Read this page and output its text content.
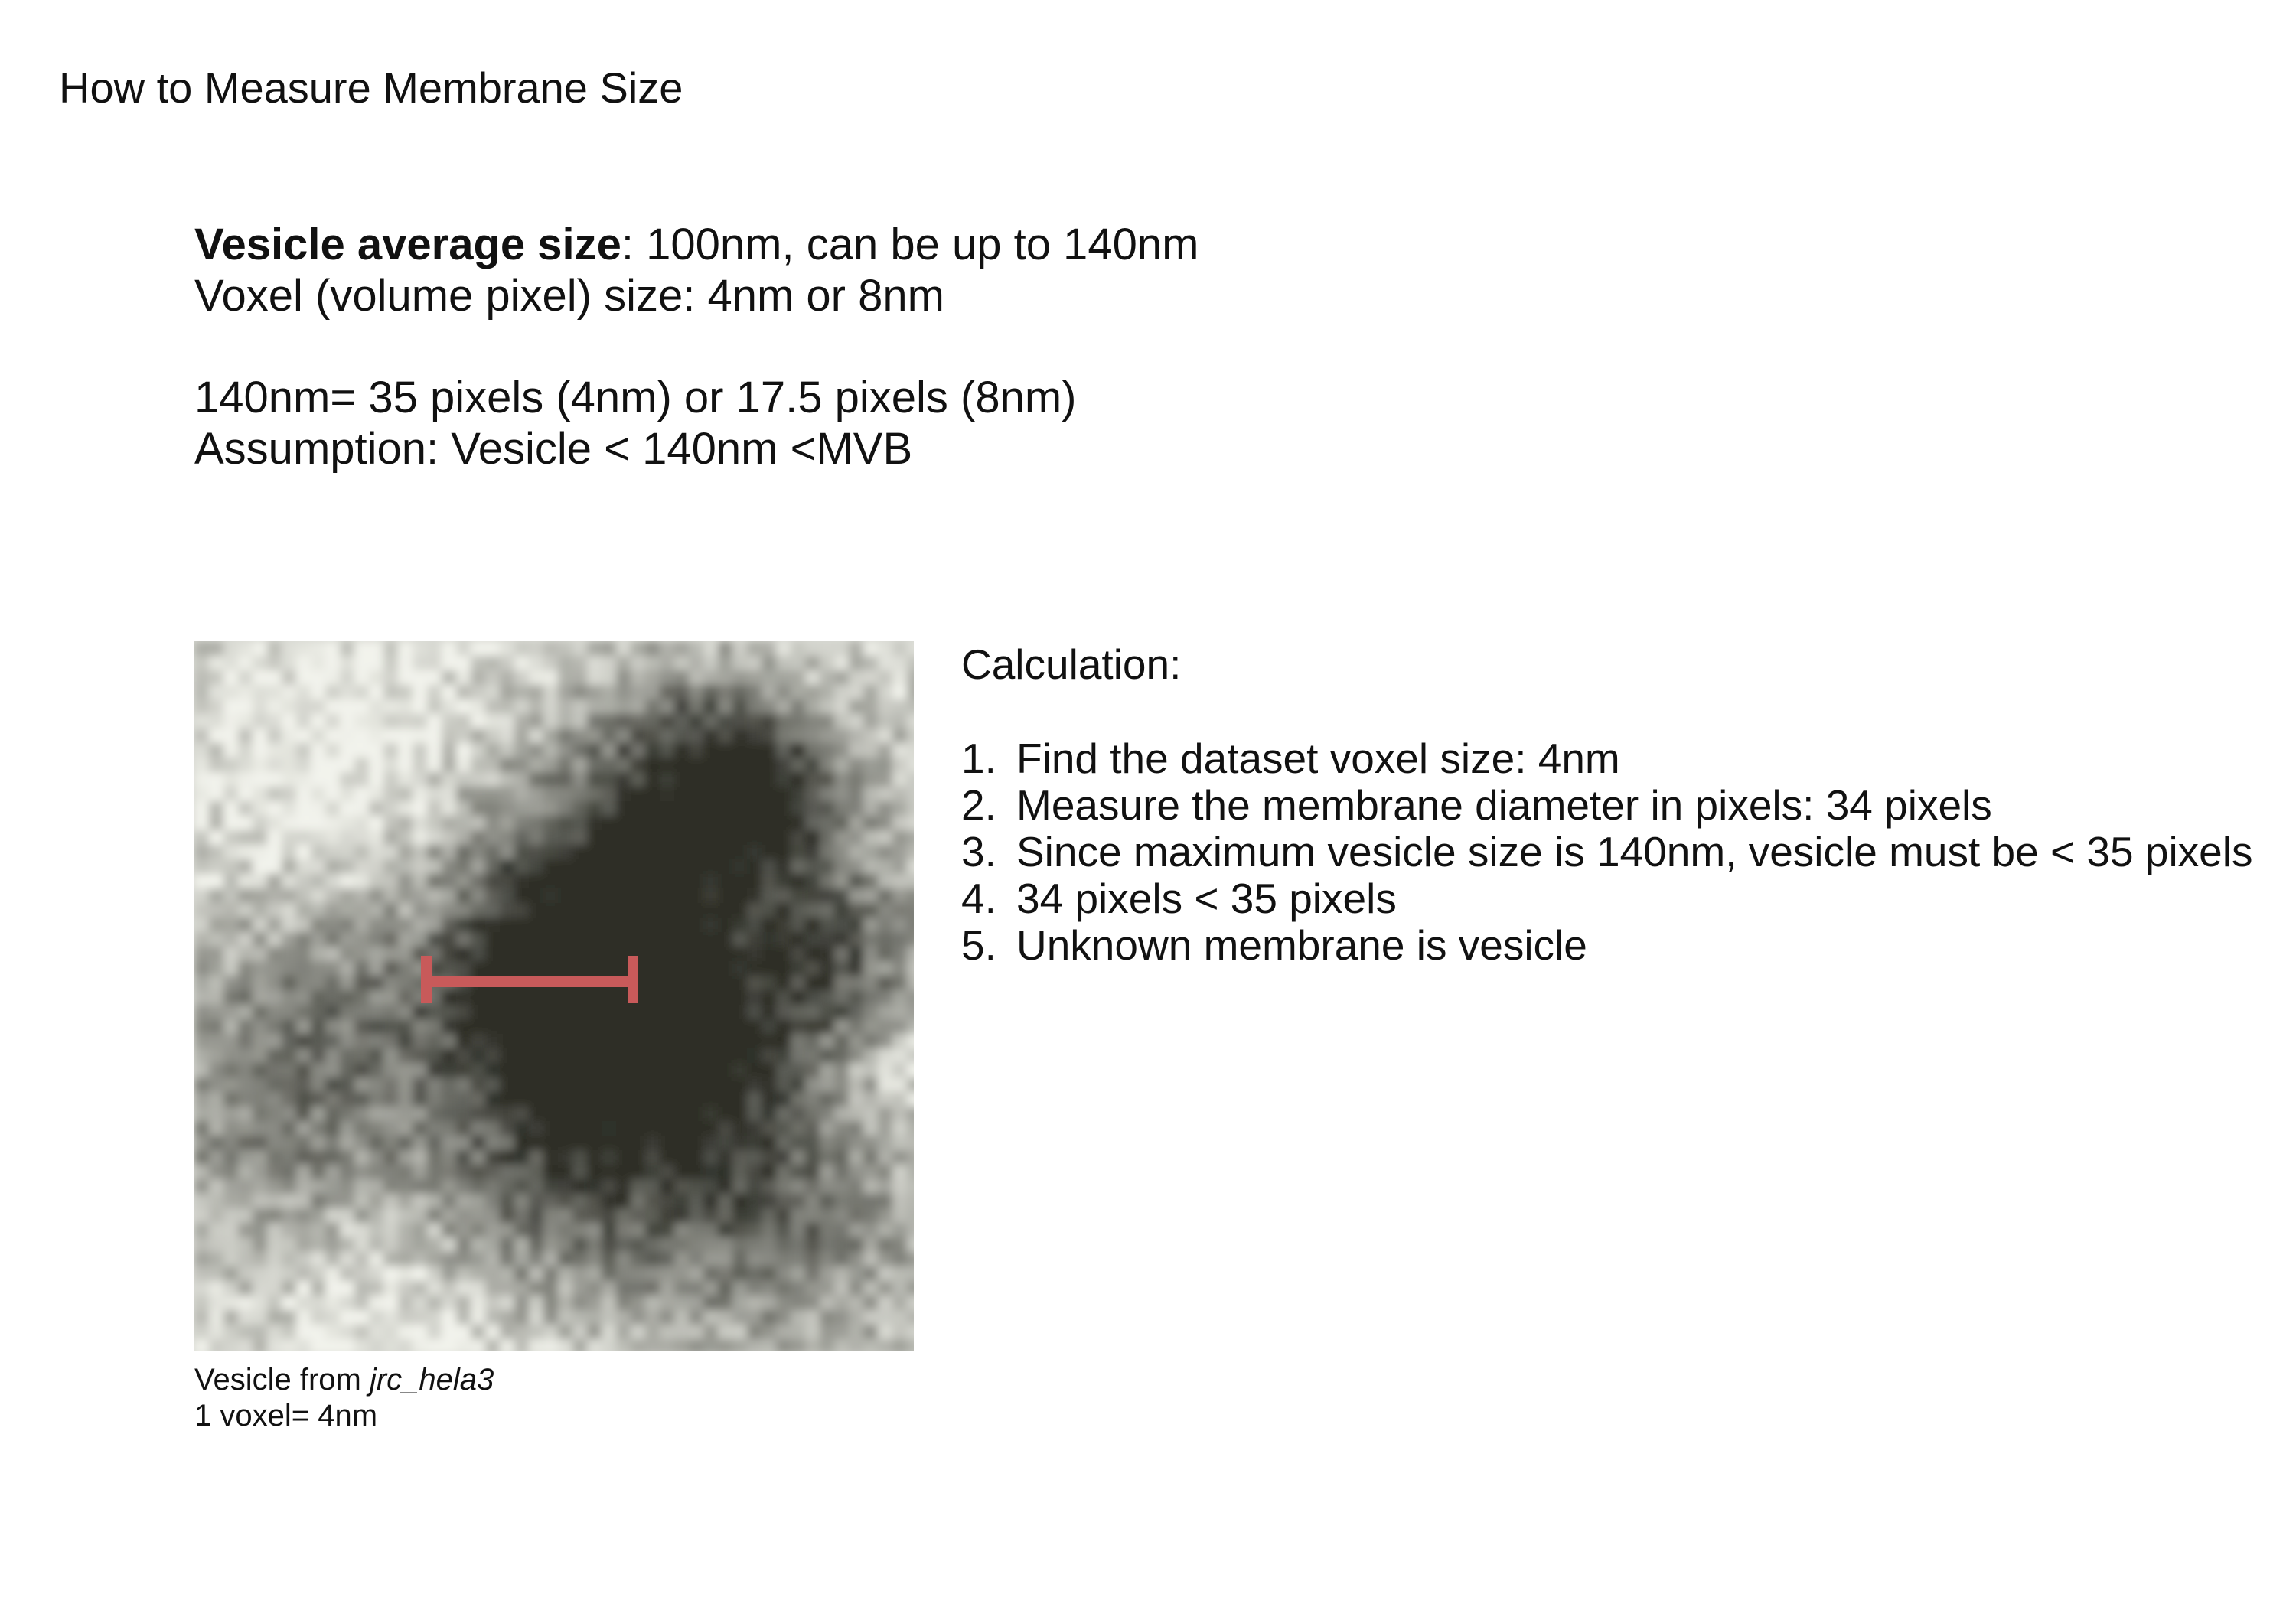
How to Measure Membrane Size
Vesicle average size: 100nm, can be up to 140nm
Voxel (volume pixel) size: 4nm or 8nm
140nm= 35 pixels (4nm) or 17.5 pixels (8nm)
Assumption: Vesicle < 140nm <MVB
Vesicle from jrc_hela3
1 voxel= 4nm
Calculation:
1. Find the dataset voxel size: 4nm
2. Measure the membrane diameter in pixels: 34 pixels
3. Since maximum vesicle size is 140nm, vesicle must be < 35 pixels
4. 34 pixels < 35 pixels
5. Unknown membrane is vesicle
